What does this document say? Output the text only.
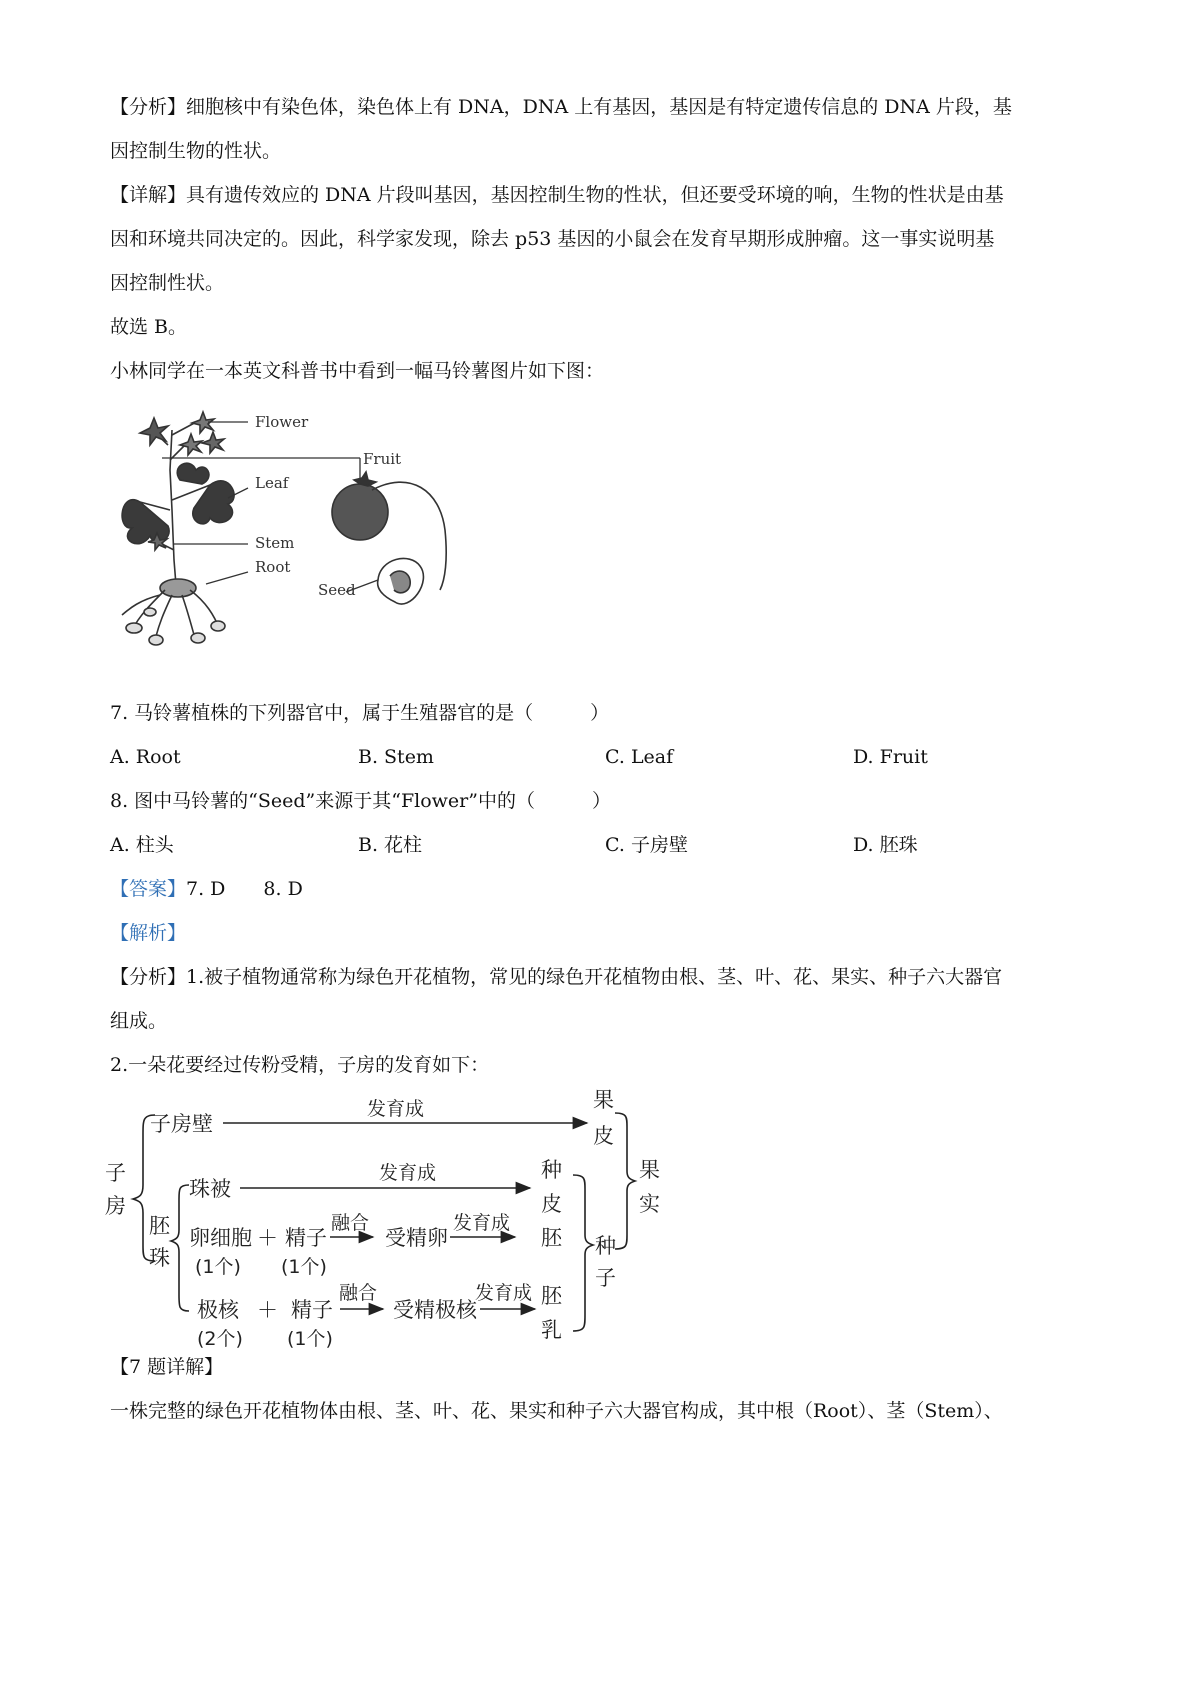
【分析】细胞核中有染色体，染色体上有 DNA，DNA 上有基因，基因是有特定遗传信息的 DNA 片段，基

因控制生物的性状。

【详解】具有遗传效应的 DNA 片段叫基因，基因控制生物的性状，但还要受环境的响，生物的性状是由基

因和环境共同决定的。因此，科学家发现，除去 p53 基因的小鼠会在发育早期形成肿瘤。这一事实说明基

因控制性状。

故选 B。

小林同学在一本英文科普书中看到一幅马铃薯图片如下图：

Flower
Fruit
Leaf
Stem
Root
Seed

7. 马铃薯植株的下列器官中，属于生殖器官的是（　　　）

A. Root	B. Stem	C. Leaf	D. Fruit

8. 图中马铃薯的“Seed”来源于其“Flower”中的（　　　）

A. 柱头	B. 花柱	C. 子房壁	D. 胚珠

【答案】7. D　　8. D

【解析】

【分析】1.被子植物通常称为绿色开花植物，常见的绿色开花植物由根、茎、叶、花、果实、种子六大器官

组成。

2.一朵花要经过传粉受精，子房的发育如下：

子
房
子房壁
发育成	果
皮
果
实
珠被
发育成	种
皮
胚
珠
卵细胞
(1个)
＋ 精子
(1个)
融合
受精卵
发育成
胚 种
子
极核
(2个)
＋ 精子
(1个)
融合
受精极核
发育成 胚
乳

【7 题详解】

一株完整的绿色开花植物体由根、茎、叶、花、果实和种子六大器官构成，其中根（Root）、茎（Stem）、
